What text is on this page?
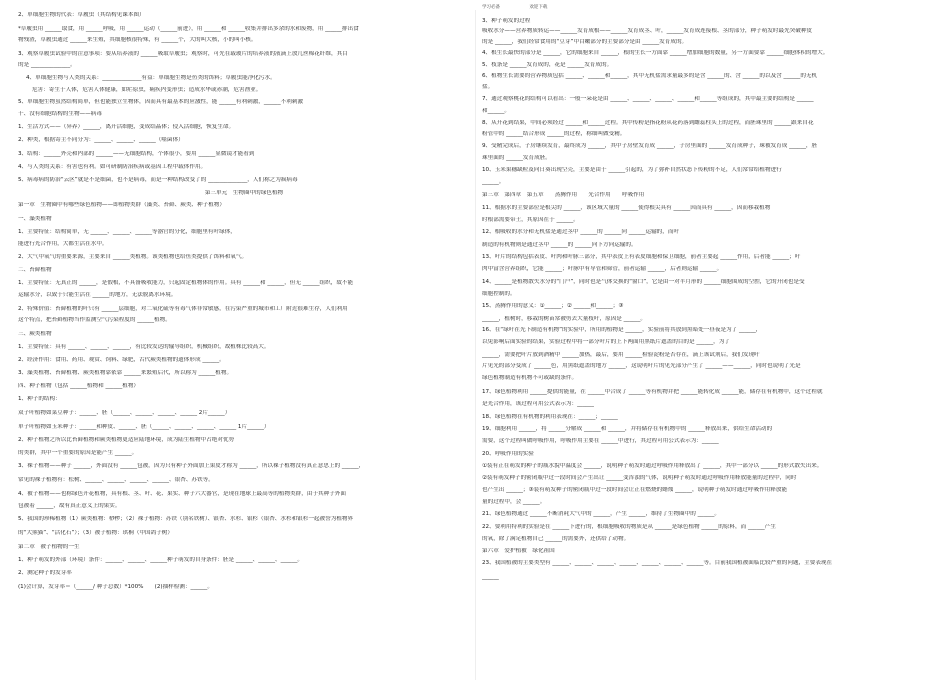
学习必备	欢迎下载
2、单细胞生物的代表：草履虫（其结构见课本图）
*草履虫用 ______取食，用 ______呼吸，用 ______运动（______前进），用 ______和 ______收集并排出多余的水和废物，用 ______排出食
物残渣，草履虫通过 ______来生殖，其细胞核很特殊，有 ______个，大的叫大核，小的叫小核。
3、观察草履虫试验中的注意事项：要从培养液的 ______吸取草履虫；观察时，可先在载玻片的培养液的液滴上放几丝棉花纤维，其目
的是 ______________。
4、单细胞生物与人类的关系：______________有益：单细胞生物是鱼类的饵料；草履虫能净化污水。
危害：寄生于人体，危害人体健康，如疟原虫，痢疾内变形虫；造成水华或赤潮，危害渔业。
5、单细胞生物虽然结构简单，但也能独立生物体，因而具有最基本的应激性，能 ______有利刺激，______不利刺激
十、没有细胞结构的生物——病毒
1、生活方式——（异养）______，离开活细胞，变成结晶体；侵入活细胞，恢复生命。
2、种类，根据寄主不同分为：______、______、______（噬菌体）
3、结构：______外壳和内部的 ______——无细胞结构，个体很小，要用 ______显微镜才能看到
4、与人类的关系：有害也有利。如可研制防治疾病或基因工程中载体作用。
5、病毒病的防治“云区”就是不是细菌，也不是病毒，而是一种结构改变了的 ______________，人们称之为疯病毒
第三单元　生物圈中的绿色植物
第一章　生物圈中有哪些绿色植物——即植物类群（藻类、苔藓、蕨类、种子植物）
一、藻类植物
1、主要特征：结构简单，无 ______、______、______等器官的分化，细胞里有叶绿体，
能进行光合作用，大都生活在水中。
2、大气中氧气的重要来源，主要来自 ______类植物。该类植物也给鱼类提供了饵料和氧气。
二、苔藓植物
1、主要特征：无真正的 ______，是假根，不具备吸收能力，只起固定植物体的作用。具有 ______和 ______，但无 ______组织，故不能
运输水分，以致于只能生活在 ______的地方，无法脱离水环境。
2、特殊价值：苔藓植物的叶只有 ______层细胞，对二氧化硫等有毒气体非常敏感，在污染严重的城市和工厂附近很难生存，人们利用
这个特点，把苔藓植物当作监测空气污染程度的 ______植物。
三、蕨类植物
1、主要特征：具有 ______、______、______，有比较发达的输导组织，机械组织，故植株比较高大。
2、经济作用：食用、药用、观赏、饲料、绿肥，古代蕨类植物的遗体形成 ______。
3、藻类植物、苔藓植物、蕨类植物靠依靠 ______来繁殖后代，所以称为 ______植物。
四、种子植物（包括 ______植物和 ______植物）
1、种子的结构：
双子叶植物如菜豆种子：______、胚（______、______、______、______ 2片______）
单子叶植物如玉米种子：______和种皮、______、胚（______、______、______、______ 1片______）
2、种子植物之所以比苔藓植物和蕨类植物更适应陆地环境，成为陆生植物中占绝对优势
的类群，其中一个重要的原因是能产生 ______。
3、裸子植物——种子 ______，外面没有 ______包被，因为只有种子外面加上果皮才称为 ______，所以裸子植物没有真正意思上的 ______，
常见的裸子植物有：松树、______、______、______、______、银杏、苏铁等。
4、被子植物——也称绿色开花植物，具有根、茎、叶、花、果实、种子六大器官，是现在地球上最高等的植物类群，由于其种子外面
包被着 ______，故有真正意义上的果实。
5、我国的珍稀植物（1）蕨类植物：桫椤；（2）裸子植物：苏铁（别名铁树）、银杏、水杉、银杉（银杏、水杉和银杉一起被誉为植物界
的“大熊猫”、“活化石”）；（3）被子植物：珙桐（中国鸽子树）
第二章　被子植物的一生
1、种子萌发的外部（环境）条件：______、______、______种子萌发的自身条件：胚是 ______、______、______。
2、测定种子的发芽率
(1)会计算，发芽率＝（______/ 种子总数）*100%　　(2)抽样检测：______。
3、种子萌发的过程
吸收水分——营养物质转运——______发育成根——______发育成茎、叶，______发育成连接根、茎的部分，种子萌发时最先突破种皮
的是 ______，我们经常食用的“豆芽”中白嫩部分的主要部分是由 ______发育成的。
4、根生长最快的部分是 ______，它的细胞来自 ______，根的生长一方面靠 ______增加细胞的数量，另一方面要靠 ______细胞体积的增大。
5、枝条是 ______发育成的，花是 ______发育成的。
6、植物生长需要的营养物质包括 ______、______和______，其中无机盐需求量最多的是含 ______的、含 ______的以及含 ______的无机
盐。
7、通过观察桃花的结构可以看出：一般一朵花是由 ______、______、______、______和______等组成的，其中最主要的结构是 ______
和______。
8、从开花到结果，中间必须经过 ______和______过程。其中传粉是指花粉从花药落到雌蕊柱头上的过程，而胚珠里的 ______跟来自花
粉管中的 ______结合形成 ______的过程，称细叫做受精。
9、受精完成后，子房继续发育，最终成为 ______，其中子房壁发育成 ______，子房里面的 ______发育成种子，珠被发育成 ______，胚
珠里面的 ______发育成胚。
10、玉米果穗缺粒及向日葵出现空壳，主要是由于 ______引起的，为了弥补自然状态下传粉的不足，人们常常给植物进行
______。
第三章　第四章　第五章　　蒸腾作用　　光合作用　　呼吸作用
11、根据水的主要部位是根尖的 ______，该区域大量的 ______使得根尖具有 ______因而具有 ______，因而移栽植物
时根部需要带土，其原因在于 ______。
12、根吸收的水分和无机盐是通过茎中 ______的 ______向 ______运输的，而叶
制造的有机物则是通过茎中 ______的 ______向下方向运输的。
13、叶片的结构包括表皮、叶肉和叶脉三部分，其中表皮上有表皮细胞和保卫细胞，前者主要起 ______作用，后者能 ______；叶
肉中富含营养组织，它能 ______；叶脉中有导管和筛管，前者运输 ______，后者则运输 ______。
14、______是植物散失水分的“门户”，同时也是气体交换的“窗口”，它是由一对半月形的 ______细胞围成的空腔，它的开闭也是受
细胞控制的。
15、蒸腾作用的意义：①______；② ______和______；③
______，植树时，移栽的树苗常被剪去大量枝叶，原因是 ______。
16、在“绿叶在光下制造有机物”的实验中，所用的植物是 ______，实验前将其放到黑暗处一昼夜是为了 ______，
以免影响后面实验的结果，实验过程中将一部分叶片的上下两面用黑纸片遮盖的目的是 ______，为了
______，需要把叶片放到酒精中 ______加热，最后，要用 ______检验淀粉是否存在，滴上该试剂后，我们发现叶
片见光的部分变成了 ______色，用黑纸遮盖的地方 ______，这说明叶片的见光部分产生了 ______——______，同时也说明了光是
绿色植物制造有机物不可或缺的条件。
17、绿色植物利用 ______提供的能量，在 ______中合成了 ______等有机物并把 ______能转化成 ______能，储存在有机物中，这个过程就
是光合作用，该过程可用公式表示为：______
18、绿色植物在有机物的利用表现在：______；______
19、细胞利用 ______，将 ______分解成 ______和 ______，并将储存在有机物中的 ______释放出来，供给生命活动的
需要，这个过程叫做呼吸作用，呼吸作用主要在 ______中进行，其过程可用公式表示为：______
20、呼吸作用的实验
①装有正在萌发的种子的瓶水貌中温度会 ______，说明种子萌发时通过呼吸作用释放出了 ______，其中一部分以 ______的形式散失出来。
②装有萌发种子的密闭瓶中过一段时间会产生出让 ______变浑浊的气体，说明种子萌发时通过呼吸作用释放能量的过程中，同时
也产生出 ______；③装有萌发种子的密闭瓶中过一段时间会让正在燃烧的蜡烛 ______，说明种子萌发时通过呼吸作用释放能
量的过程中，会 ______。
21、绿色植物通过 ______不断消耗大气中的 ______，产生 ______，维持了生物圈中的 ______。
22、要利用特利的实验是在 ______下进行的，根细胞吸收的物质是从 ______是绿色植物 ______的原料，而 ______产生
的氧，除了满足植物自己 ______的需要外，还供给了动物。
第六章　爱护植被　绿化祖国
23、我国植被的主要类型有 ______、______、______、______、______、______、______等。目前我国植被面临比较严重的问题，主要表现在
______
